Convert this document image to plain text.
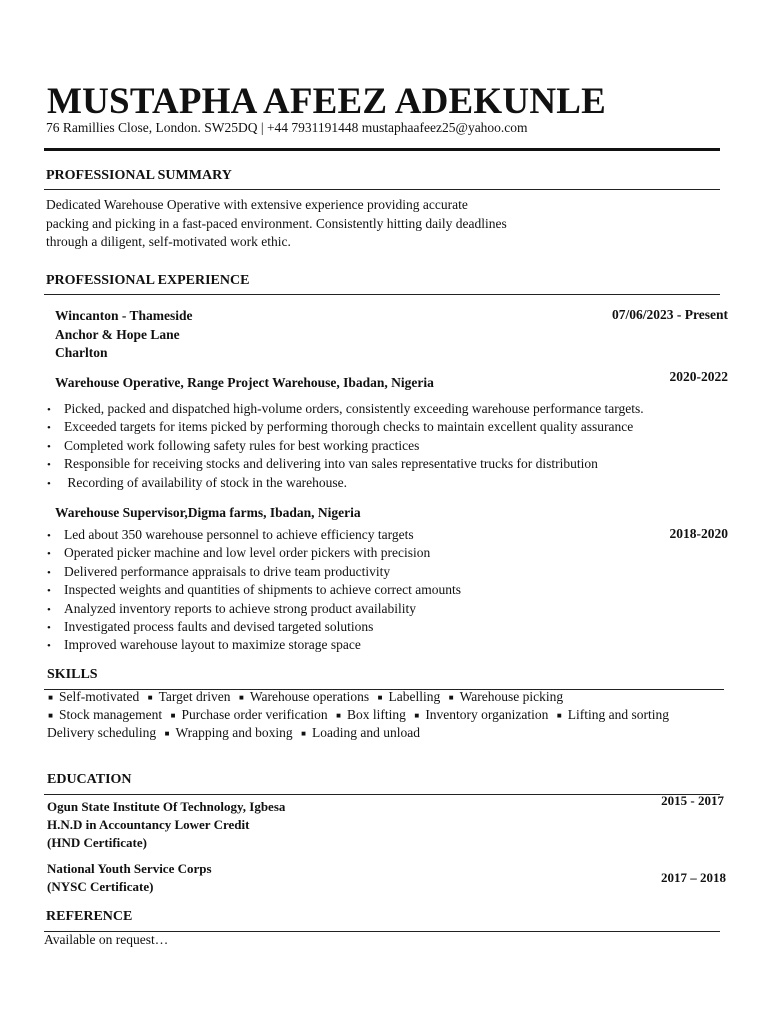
MUSTAPHA AFEEZ ADEKUNLE
76 Ramillies Close, London. SW25DQ | +44 7931191448 mustaphaafeez25@yahoo.com
PROFESSIONAL SUMMARY
Dedicated Warehouse Operative with extensive experience providing accurate
packing and picking in a fast-paced environment. Consistently hitting daily deadlines
through a diligent, self-motivated work ethic.
PROFESSIONAL EXPERIENCE
Wincanton - Thameside
Anchor & Hope Lane
Charlton
07/06/2023 - Present
Warehouse Operative, Range Project Warehouse, Ibadan, Nigeria	2020-2022
• Picked, packed and dispatched high-volume orders, consistently exceeding warehouse performance targets.
• Exceeded targets for items picked by performing thorough checks to maintain excellent quality assurance
• Completed work following safety rules for best working practices
• Responsible for receiving stocks and delivering into van sales representative trucks for distribution
• Recording of availability of stock in the warehouse.
Warehouse Supervisor,Digma farms, Ibadan, Nigeria
2018-2020
• Led about 350 warehouse personnel to achieve efficiency targets
• Operated picker machine and low level order pickers with precision
• Delivered performance appraisals to drive team productivity
• Inspected weights and quantities of shipments to achieve correct amounts
• Analyzed inventory reports to achieve strong product availability
• Investigated process faults and devised targeted solutions
• Improved warehouse layout to maximize storage space
SKILLS
■ Self-motivated ■ Target driven ■ Warehouse operations ■ Labelling ■ Warehouse picking
■ Stock management ■ Purchase order verification ■ Box lifting ■ Inventory organization ■ Lifting and sorting
Delivery scheduling ■ Wrapping and boxing ■ Loading and unload
EDUCATION
Ogun State Institute Of Technology, Igbesa
H.N.D in Accountancy Lower Credit
(HND Certificate)
2015 - 2017
National Youth Service Corps
(NYSC Certificate)
2017 – 2018
REFERENCE
Available on request…
